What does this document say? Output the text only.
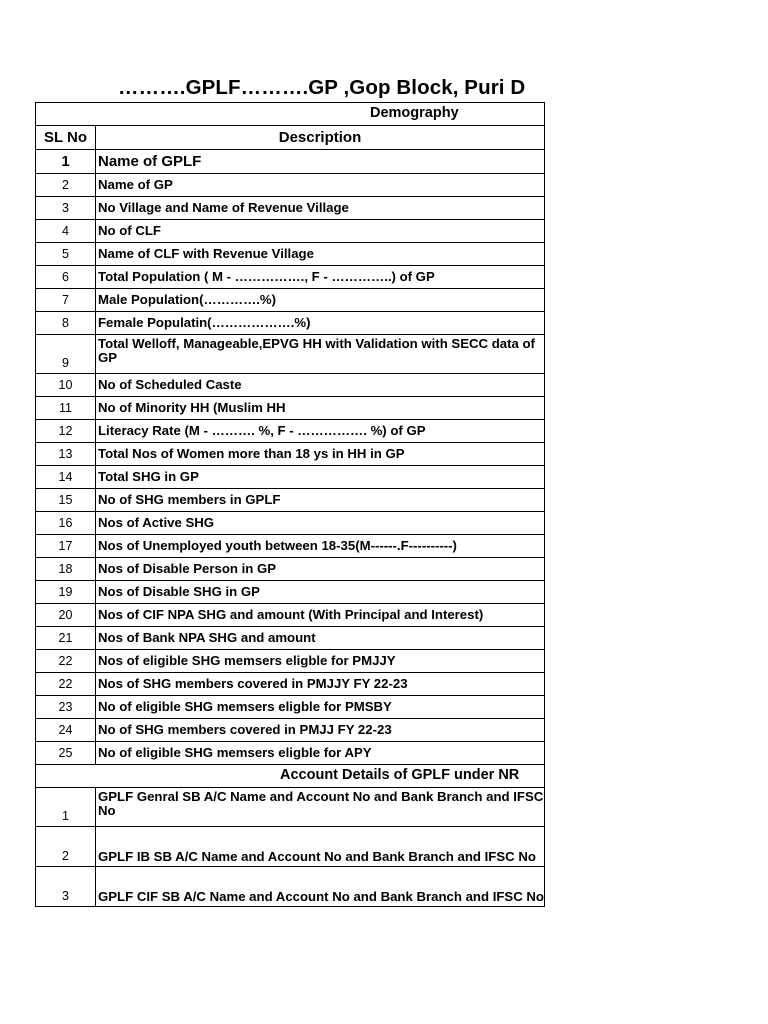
……….GPLF……….GP ,Gop Block, Puri D
Demography	

SL No	Description
1	Name of GPLF
2	Name of GP
3	No Village and Name of Revenue Village
4	No of CLF
5	Name of CLF with Revenue Village
6	Total Population ( M - ……………., F - …………..) of GP
7	Male Population(………….%)
8	Female Populatin(……………….%)
9	Total Welloff, Manageable,EPVG HH with Validation with SECC data of GP
10	No of Scheduled Caste
11	No of Minority HH (Muslim HH
12	Literacy Rate (M - ………. %, F - ……………. %) of GP
13	Total Nos of Women more than 18 ys in HH in GP
14	Total SHG in GP
15	No of SHG members in GPLF
16	Nos of Active SHG
17	Nos of Unemployed youth between 18-35(M------.F----------)
18	Nos of Disable Person in GP
19	Nos of Disable SHG in GP
20	Nos of CIF NPA SHG and amount (With Principal and Interest)
21	Nos of Bank NPA SHG and amount
22	Nos of eligible SHG memsers eligble for PMJJY
22	Nos of SHG members covered in PMJJY FY 22-23
23	No of eligible SHG memsers eligble for PMSBY
24	No of SHG members covered in PMJJ FY 22-23
25	No of eligible SHG memsers eligble for APY

Account Details of GPLF under NR	

1	GPLF Genral SB A/C Name and Account No and Bank Branch and IFSC No
2	GPLF IB SB A/C Name and Account No and Bank Branch and IFSC No
3	GPLF CIF SB A/C Name and Account No and Bank Branch and IFSC No
